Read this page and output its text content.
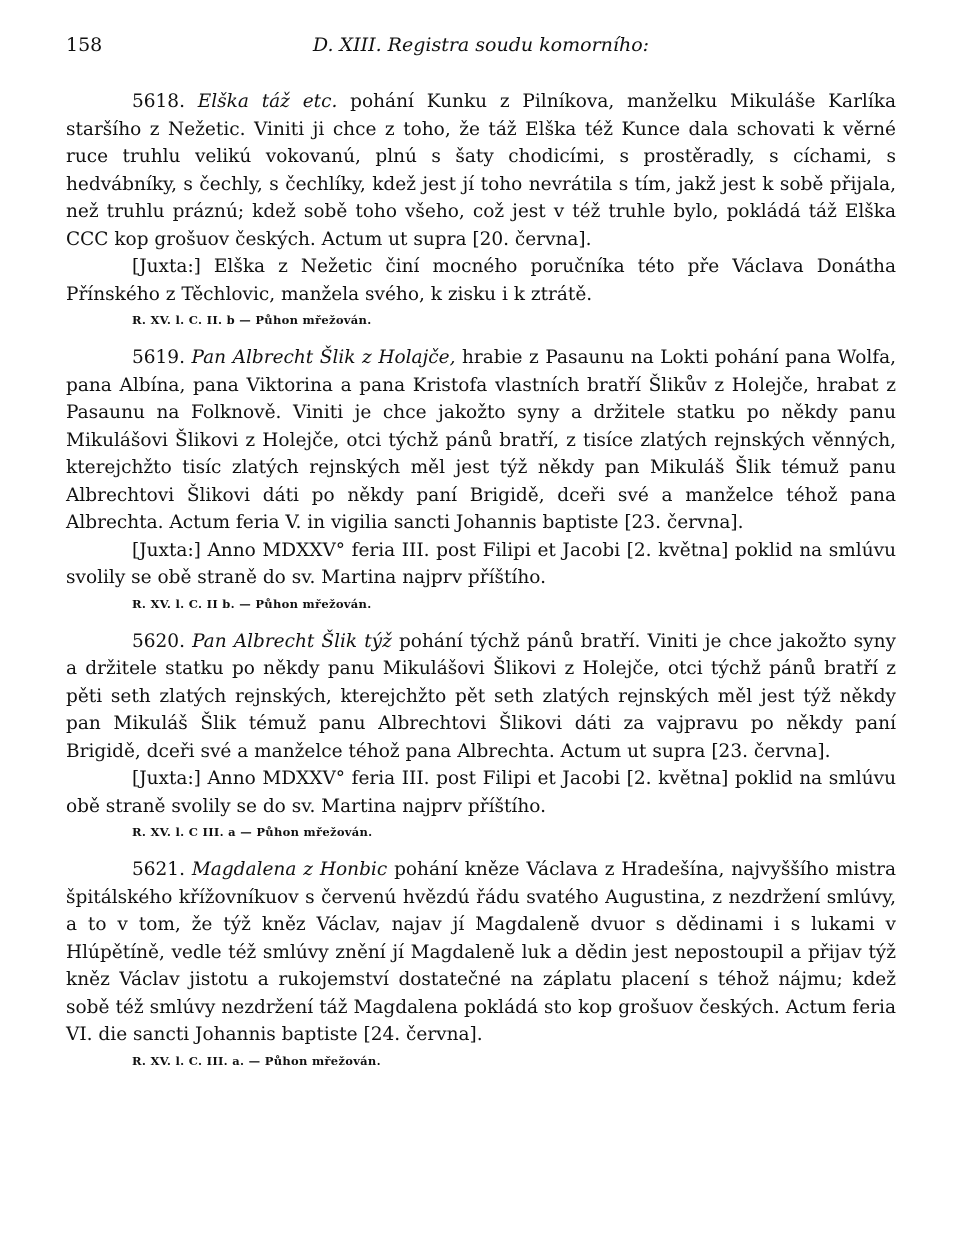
158	D. XIII. Registra soudu komorního:

5618. Elška táž etc. pohání Kunku z Pilníkova, manželku Mikuláše Karlíka staršího z Nežetic. Viniti ji chce z toho, že táž Elška též Kunce dala schovati k věrné ruce truhlu velikú vokovanú, plnú s šaty chodicími, s prostěradly, s cíchami, s hedvábníky, s čechly, s čechlíky, kdež jest jí toho nevrátila s tím, jakž jest k sobě přijala, než truhlu práznú; kdež sobě toho všeho, což jest v též truhle bylo, pokládá táž Elška CCC kop grošuov českých. Actum ut supra [20. června].

[Juxta:] Elška z Nežetic činí mocného poručníka této pře Václava Donátha Přínského z Těchlovic, manžela svého, k zisku i k ztrátě.

R. XV. l. C. II. b — Půhon mřežován.

5619. Pan Albrecht Šlik z Holajče, hrabie z Pasaunu na Lokti pohání pana Wolfa, pana Albína, pana Viktorina a pana Kristofa vlastních bratří Šlikův z Holejče, hrabat z Pasaunu na Folknově. Viniti je chce jakožto syny a držitele statku po někdy panu Mikulášovi Šlikovi z Holejče, otci týchž pánů bratří, z tisíce zlatých rejnských věnných, kterejchžto tisíc zlatých rejnských měl jest týž někdy pan Mikuláš Šlik témuž panu Albrechtovi Šlikovi dáti po někdy paní Brigidě, dceři své a manželce téhož pana Albrechta. Actum feria V. in vigilia sancti Johannis baptiste [23. června].

[Juxta:] Anno MDXXV° feria III. post Filipi et Jacobi [2. května] poklid na smlúvu svolily se obě straně do sv. Martina najprv příštího.

R. XV. l. C. II b. — Půhon mřežován.

5620. Pan Albrecht Šlik týž pohání týchž pánů bratří. Viniti je chce jakožto syny a držitele statku po někdy panu Mikulášovi Šlikovi z Holejče, otci týchž pánů bratří z pěti seth zlatých rejnských, kterejchžto pět seth zlatých rejnských měl jest týž někdy pan Mikuláš Šlik témuž panu Albrechtovi Šlikovi dáti za vajpravu po někdy paní Brigidě, dceři své a manželce téhož pana Albrechta. Actum ut supra [23. června].

[Juxta:] Anno MDXXV° feria III. post Filipi et Jacobi [2. května] poklid na smlúvu obě straně svolily se do sv. Martina najprv příštího.

R. XV. l. C III. a — Půhon mřežován.

5621. Magdalena z Honbic pohání kněze Václava z Hradešína, najvyššího mistra špitálského křížovníkuov s červenú hvězdú řádu svatého Augustina, z nezdržení smlúvy, a to v tom, že týž kněz Václav, najav jí Magdaleně dvuor s dědinami i s lukami v Hlúpětíně, vedle též smlúvy znění jí Magdaleně luk a dědin jest nepostoupil a přijav týž kněz Václav jistotu a rukojemství dostatečné na záplatu placení s téhož nájmu; kdež sobě též smlúvy nezdržení táž Magdalena pokládá sto kop grošuov českých. Actum feria VI. die sancti Johannis baptiste [24. června].

R. XV. l. C. III. a. — Půhon mřežován.
